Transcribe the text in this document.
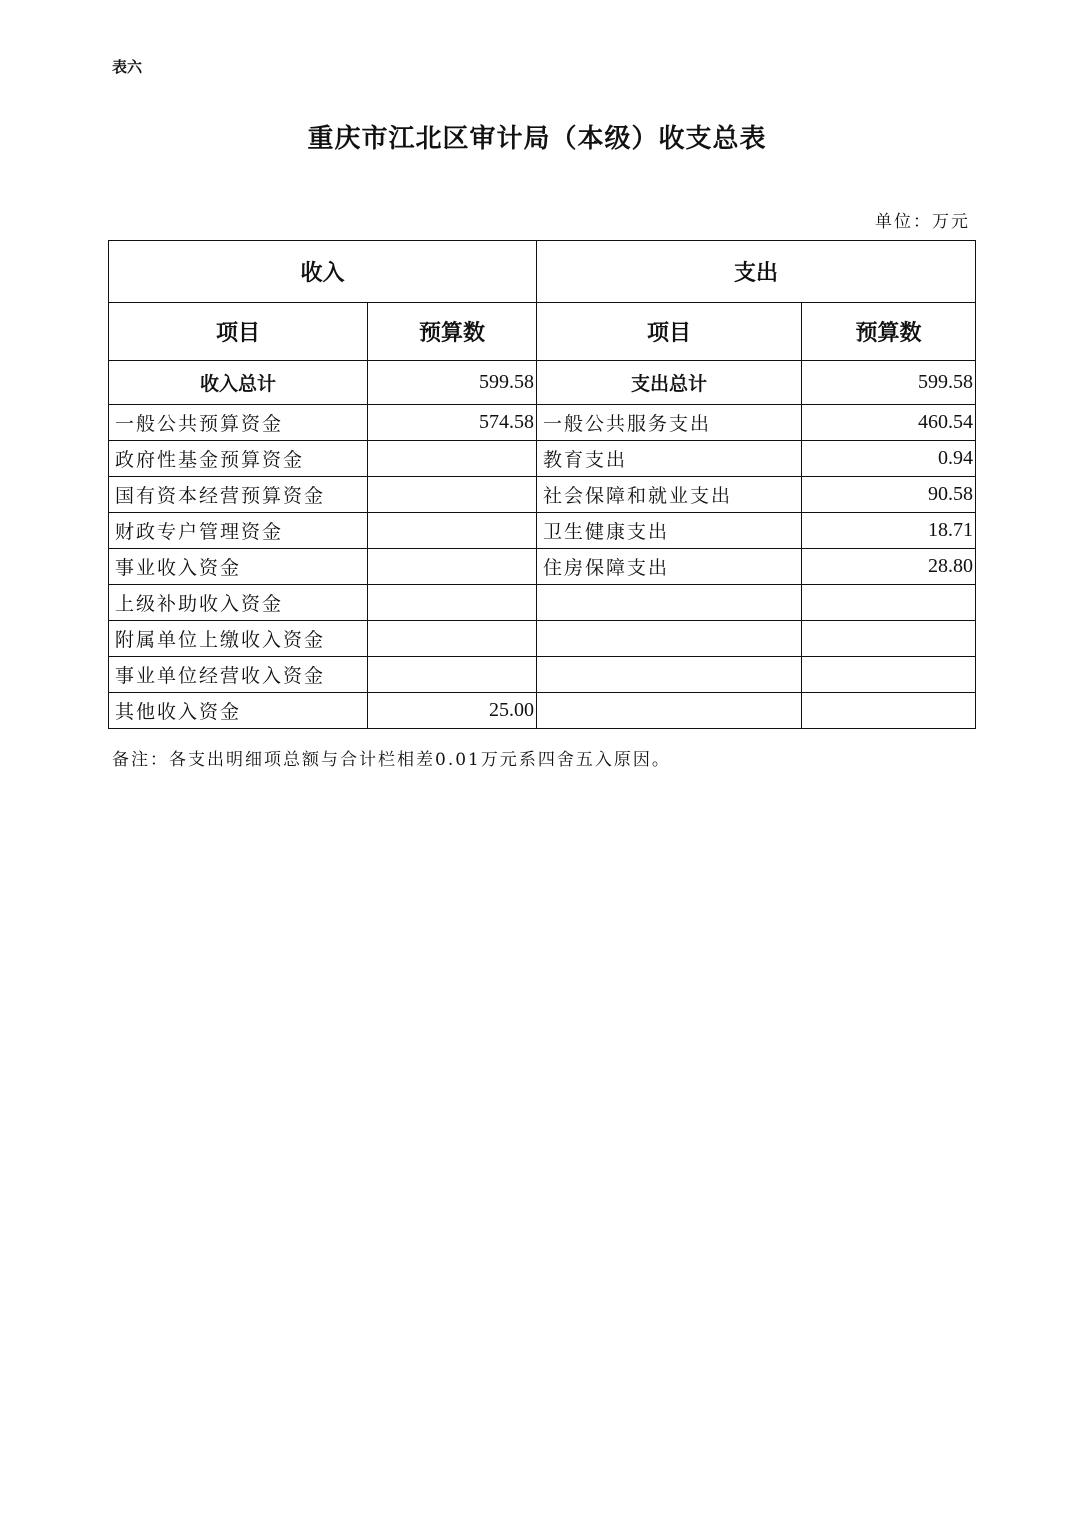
表六
重庆市江北区审计局（本级）收支总表
单位：万元
收入		支出	
项目	预算数	项目	预算数
收入总计	599.58	支出总计	599.58
一般公共预算资金	574.58	一般公共服务支出	460.54
政府性基金预算资金		教育支出	0.94
国有资本经营预算资金		社会保障和就业支出	90.58
财政专户管理资金		卫生健康支出	18.71
事业收入资金		住房保障支出	28.80
上级补助收入资金			
附属单位上缴收入资金			
事业单位经营收入资金			
其他收入资金	25.00		
备注：各支出明细项总额与合计栏相差0.01万元系四舍五入原因。
